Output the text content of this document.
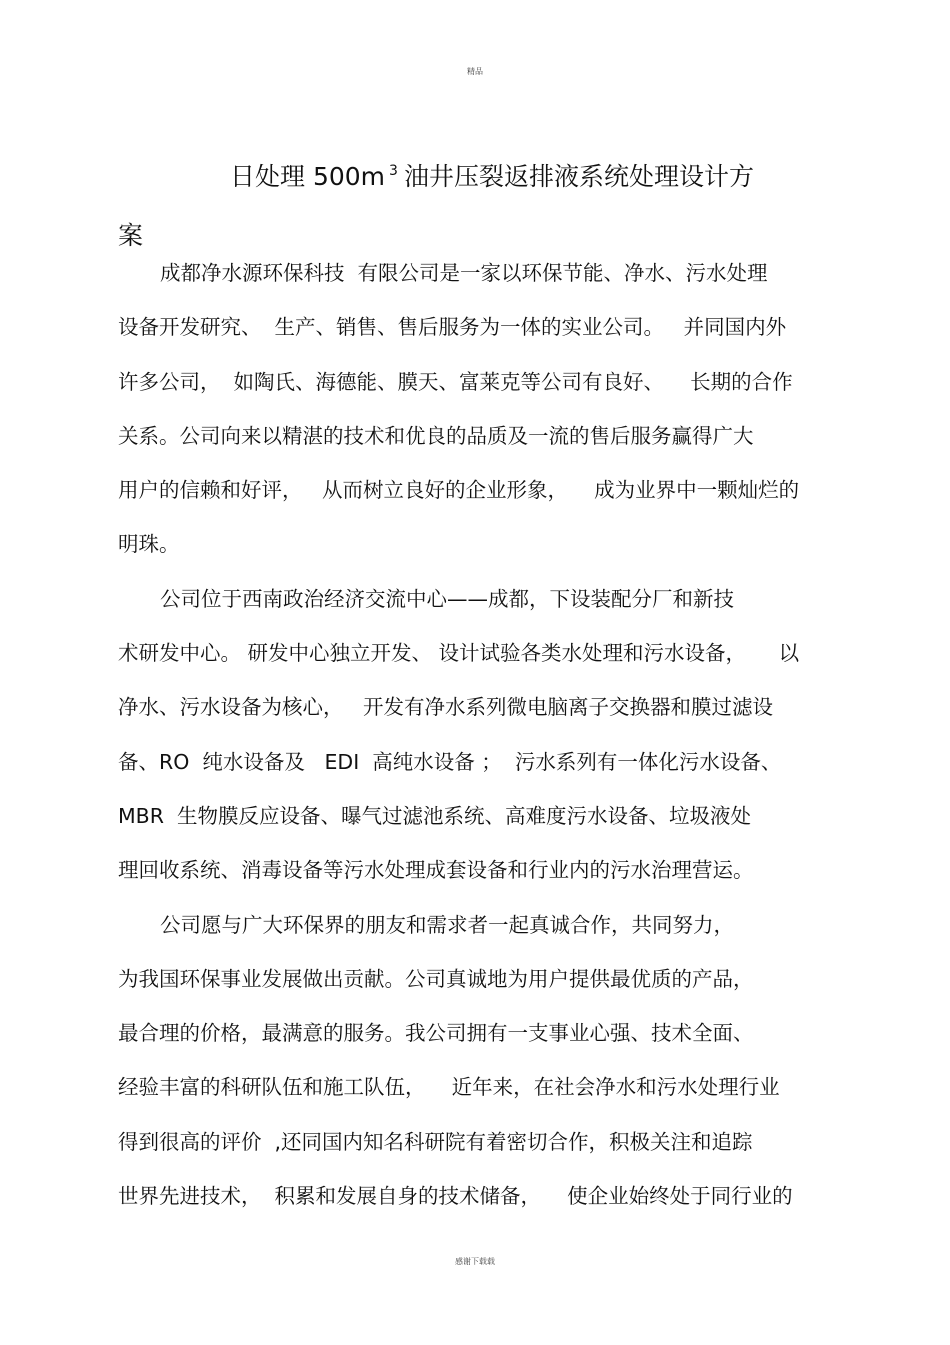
精品
日处理 500m $^3$ 油井压裂返排液系统处理设计方
案
成都净水源环保科技  有限公司是一家以环保节能、净水、污水处理
设备开发研究、  生产、销售、售后服务为一体的实业公司。   并同国内外
许多公司，  如陶氏、海德能、膜天、富莱克等公司有良好、    长期的合作
关系。公司向来以精湛的技术和优良的品质及一流的售后服务赢得广大
用户的信赖和好评，   从而树立良好的企业形象，    成为业界中一颗灿烂的
明珠。
公司位于西南政治经济交流中心——成都，下设装配分厂和新技
术研发中心。 研发中心独立开发、 设计试验各类水处理和污水设备，     以
净水、污水设备为核心，   开发有净水系列微电脑离子交换器和膜过滤设
备、RO  纯水设备及   EDI  高纯水设备 ；  污水系列有一体化污水设备、
MBR  生物膜反应设备、曝气过滤池系统、高难度污水设备、垃圾液处
理回收系统、消毒设备等污水处理成套设备和行业内的污水治理营运。
公司愿与广大环保界的朋友和需求者一起真诚合作，共同努力，
为我国环保事业发展做出贡献。公司真诚地为用户提供最优质的产品，
最合理的价格，最满意的服务。我公司拥有一支事业心强、技术全面、
经验丰富的科研队伍和施工队伍，    近年来，在社会净水和污水处理行业
得到很高的评价  ,还同国内知名科研院有着密切合作，积极关注和追踪
世界先进技术，  积累和发展自身的技术储备，    使企业始终处于同行业的
感谢下载载
